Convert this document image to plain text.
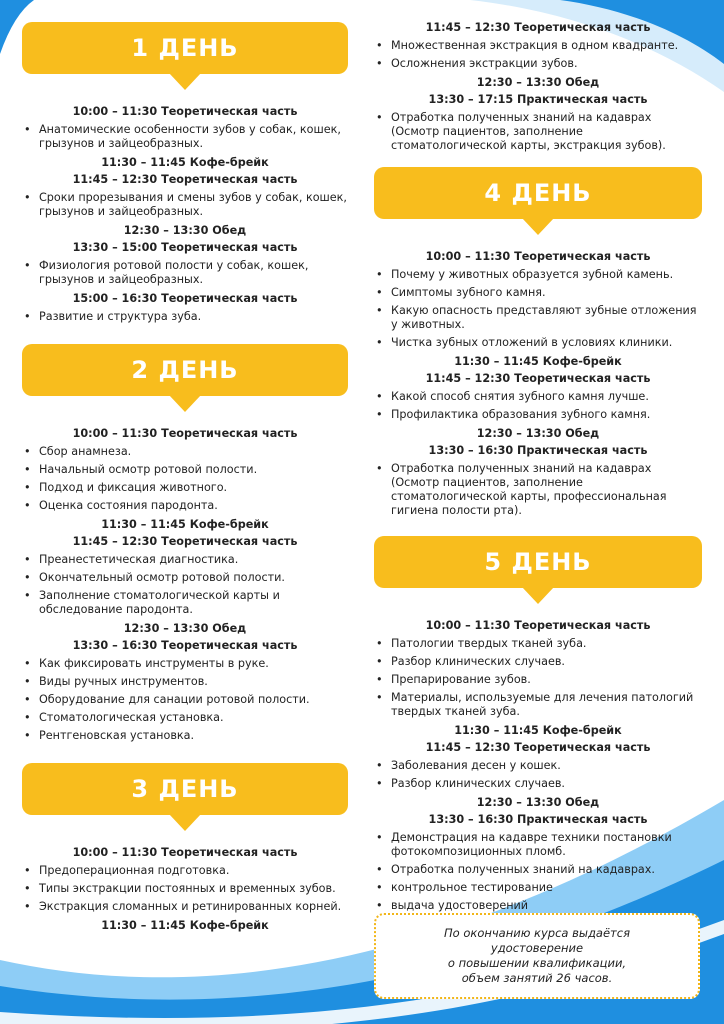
1 ДЕНЬ
10:00 – 11:30 Теоретическая часть
• Анатомические особенности зубов у собак, кошек, грызунов и зайцеобразных.
11:30 – 11:45 Кофе-брейк
11:45 – 12:30 Теоретическая часть
• Сроки прорезывания и смены зубов у собак, кошек, грызунов и зайцеобразных.
12:30 – 13:30 Обед
13:30 – 15:00 Теоретическая часть
• Физиология ротовой полости у собак, кошек, грызунов и зайцеобразных.
15:00 – 16:30 Теоретическая часть
• Развитие и структура зуба.
2 ДЕНЬ
10:00 – 11:30 Теоретическая часть
• Сбор анамнеза.
• Начальный осмотр ротовой полости.
• Подход и фиксация животного.
• Оценка состояния пародонта.
11:30 – 11:45 Кофе-брейк
11:45 – 12:30 Теоретическая часть
• Преанестетическая диагностика.
• Окончательный осмотр ротовой полости.
• Заполнение стоматологической карты и обследование пародонта.
12:30 – 13:30 Обед
13:30 – 16:30 Теоретическая часть
• Как фиксировать инструменты в руке.
• Виды ручных инструментов.
• Оборудование для санации ротовой полости.
• Стоматологическая установка.
• Рентгеновская установка.
3 ДЕНЬ
10:00 – 11:30 Теоретическая часть
• Предоперационная подготовка.
• Типы экстракции постоянных и временных зубов.
• Экстракция сломанных и ретинированных корней.
11:30 – 11:45 Кофе-брейк
11:45 – 12:30 Теоретическая часть
• Множественная экстракция в одном квадранте.
• Осложнения экстракции зубов.
12:30 – 13:30 Обед
13:30 – 17:15 Практическая часть
• Отработка полученных знаний на кадаврах (Осмотр пациентов, заполнение стоматологической карты, экстракция зубов).
4 ДЕНЬ
10:00 – 11:30 Теоретическая часть
• Почему у животных образуется зубной камень.
• Симптомы зубного камня.
• Какую опасность представляют зубные отложения у животных.
• Чистка зубных отложений в условиях клиники.
11:30 – 11:45 Кофе-брейк
11:45 – 12:30 Теоретическая часть
• Какой способ снятия зубного камня лучше.
• Профилактика образования зубного камня.
12:30 – 13:30 Обед
13:30 – 16:30 Практическая часть
• Отработка полученных знаний на кадаврах (Осмотр пациентов, заполнение стоматологической карты, профессиональная гигиена полости рта).
5 ДЕНЬ
10:00 – 11:30 Теоретическая часть
• Патологии твердых тканей зуба.
• Разбор клинических случаев.
• Препарирование зубов.
• Материалы, используемые для лечения патологий твердых тканей зуба.
11:30 – 11:45 Кофе-брейк
11:45 – 12:30 Теоретическая часть
• Заболевания десен у кошек.
• Разбор клинических случаев.
12:30 – 13:30 Обед
13:30 – 16:30 Практическая часть
• Демонстрация на кадавре техники постановки фотокомпозиционных пломб.
• Отработка полученных знаний на кадаврах.
• контрольное тестирование
• выдача удостоверений
По окончанию курса выдаётся
удостоверение
о повышении квалификации,
объем занятий 26 часов.
